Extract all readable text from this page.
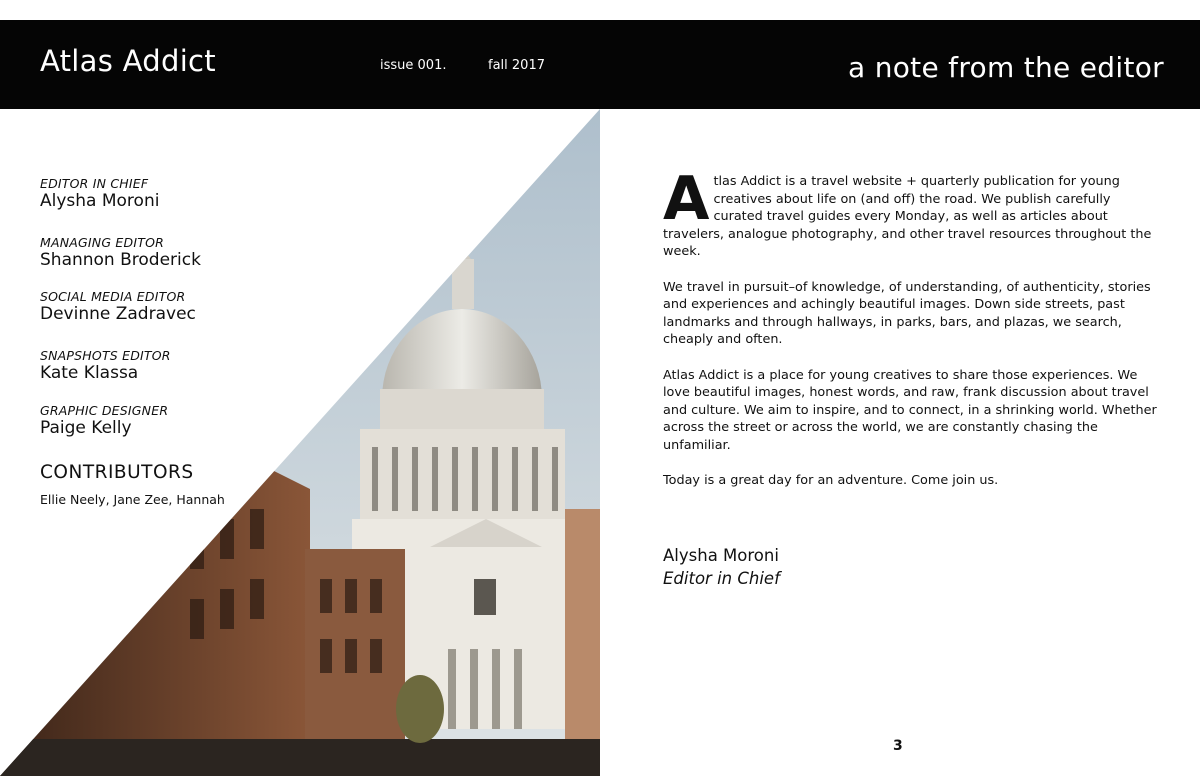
Atlas Addict	issue 001.	fall 2017	a note from the editor
EDITOR IN CHIEF
Alysha Moroni
MANAGING EDITOR
Shannon Broderick
SOCIAL MEDIA EDITOR
Devinne Zadravec
SNAPSHOTS EDITOR
Kate Klassa
GRAPHIC DESIGNER
Paige Kelly
CONTRIBUTORS
Ellie Neely, Jane Zee, Hannah

Atlas Addict is a travel website + quarterly publication for young creatives about life on (and off) the road. We publish carefully curated travel guides every Monday, as well as articles about travelers, analogue photography, and other travel resources throughout the week.

We travel in pursuit–of knowledge, of understanding, of authenticity, stories and experiences and achingly beautiful images. Down side streets, past landmarks and through hallways, in parks, bars, and plazas, we search, cheaply and often.

Atlas Addict is a place for young creatives to share those experiences. We love beautiful images, honest words, and raw, frank discussion about travel and culture. We aim to inspire, and to connect, in a shrinking world. Whether across the street or across the world, we are constantly chasing the unfamiliar.

Today is a great day for an adventure. Come join us.

Alysha Moroni
Editor in Chief
3
